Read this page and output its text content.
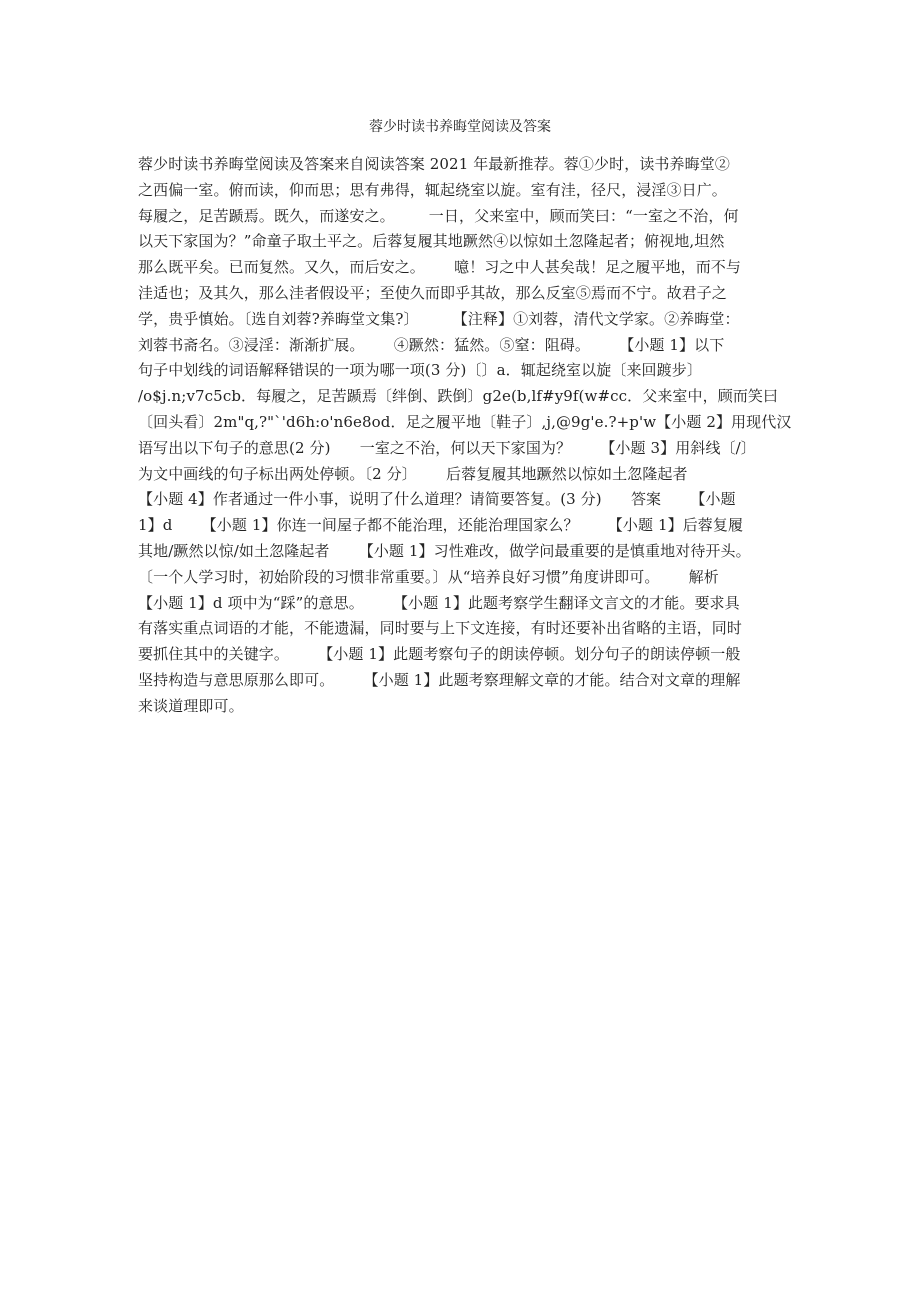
蓉少时读书养晦堂阅读及答案
蓉少时读书养晦堂阅读及答案来自阅读答案 2021 年最新推荐。蓉①少时，读书养晦堂②
之西偏一室。俯而读，仰而思；思有弗得，辄起绕室以旋。室有洼，径尺，浸淫③日广。
每履之，足苦踬焉。既久，而遂安之。       一日，父来室中，顾而笑曰：“一室之不治，何
以天下家国为？”命童子取土平之。后蓉复履其地蹶然④以惊如土忽隆起者；俯视地,坦然
那么既平矣。已而复然。又久，而后安之。      噫！习之中人甚矣哉！足之履平地，而不与
洼适也；及其久，那么洼者假设平；至使久而即乎其故，那么反室⑤焉而不宁。故君子之
学，贵乎慎始。〔选自刘蓉?养晦堂文集?〕       【注释】①刘蓉，清代文学家。②养晦堂：
刘蓉书斋名。③浸淫：渐渐扩展。      ④蹶然：猛然。⑤窒：阻碍。      【小题 1】以下
句子中划线的词语解释错误的一项为哪一项(3 分)〔〕a．辄起绕室以旋〔来回踱步〕
/o$j.n;v7c5cb．每履之，足苦踬焉〔绊倒、跌倒〕g2e(b,lf#y9f(w#cc．父来室中，顾而笑曰
〔回头看〕2m"q,?"`'d6h:o'n6e8od．足之履平地〔鞋子〕,j,@9g'e.?+p'w【小题 2】用现代汉
语写出以下句子的意思(2 分)      一室之不治，何以天下家国为？      【小题 3】用斜线〔/〕
为文中画线的句子标出两处停顿。〔2 分〕      后蓉复履其地蹶然以惊如土忽隆起者
【小题 4】作者通过一件小事，说明了什么道理？请简要答复。(3 分)      答案      【小题
1】d      【小题 1】你连一间屋子都不能治理，还能治理国家么？      【小题 1】后蓉复履
其地/蹶然以惊/如土忽隆起者      【小题 1】习性难改，做学问最重要的是慎重地对待开头。
〔一个人学习时，初始阶段的习惯非常重要。〕从“培养良好习惯”角度讲即可。      解析
【小题 1】d 项中为“踩”的意思。      【小题 1】此题考察学生翻译文言文的才能。要求具
有落实重点词语的才能，不能遗漏，同时要与上下文连接，有时还要补出省略的主语，同时
要抓住其中的关键字。      【小题 1】此题考察句子的朗读停顿。划分句子的朗读停顿一般
坚持构造与意思原那么即可。      【小题 1】此题考察理解文章的才能。结合对文章的理解
来谈道理即可。
